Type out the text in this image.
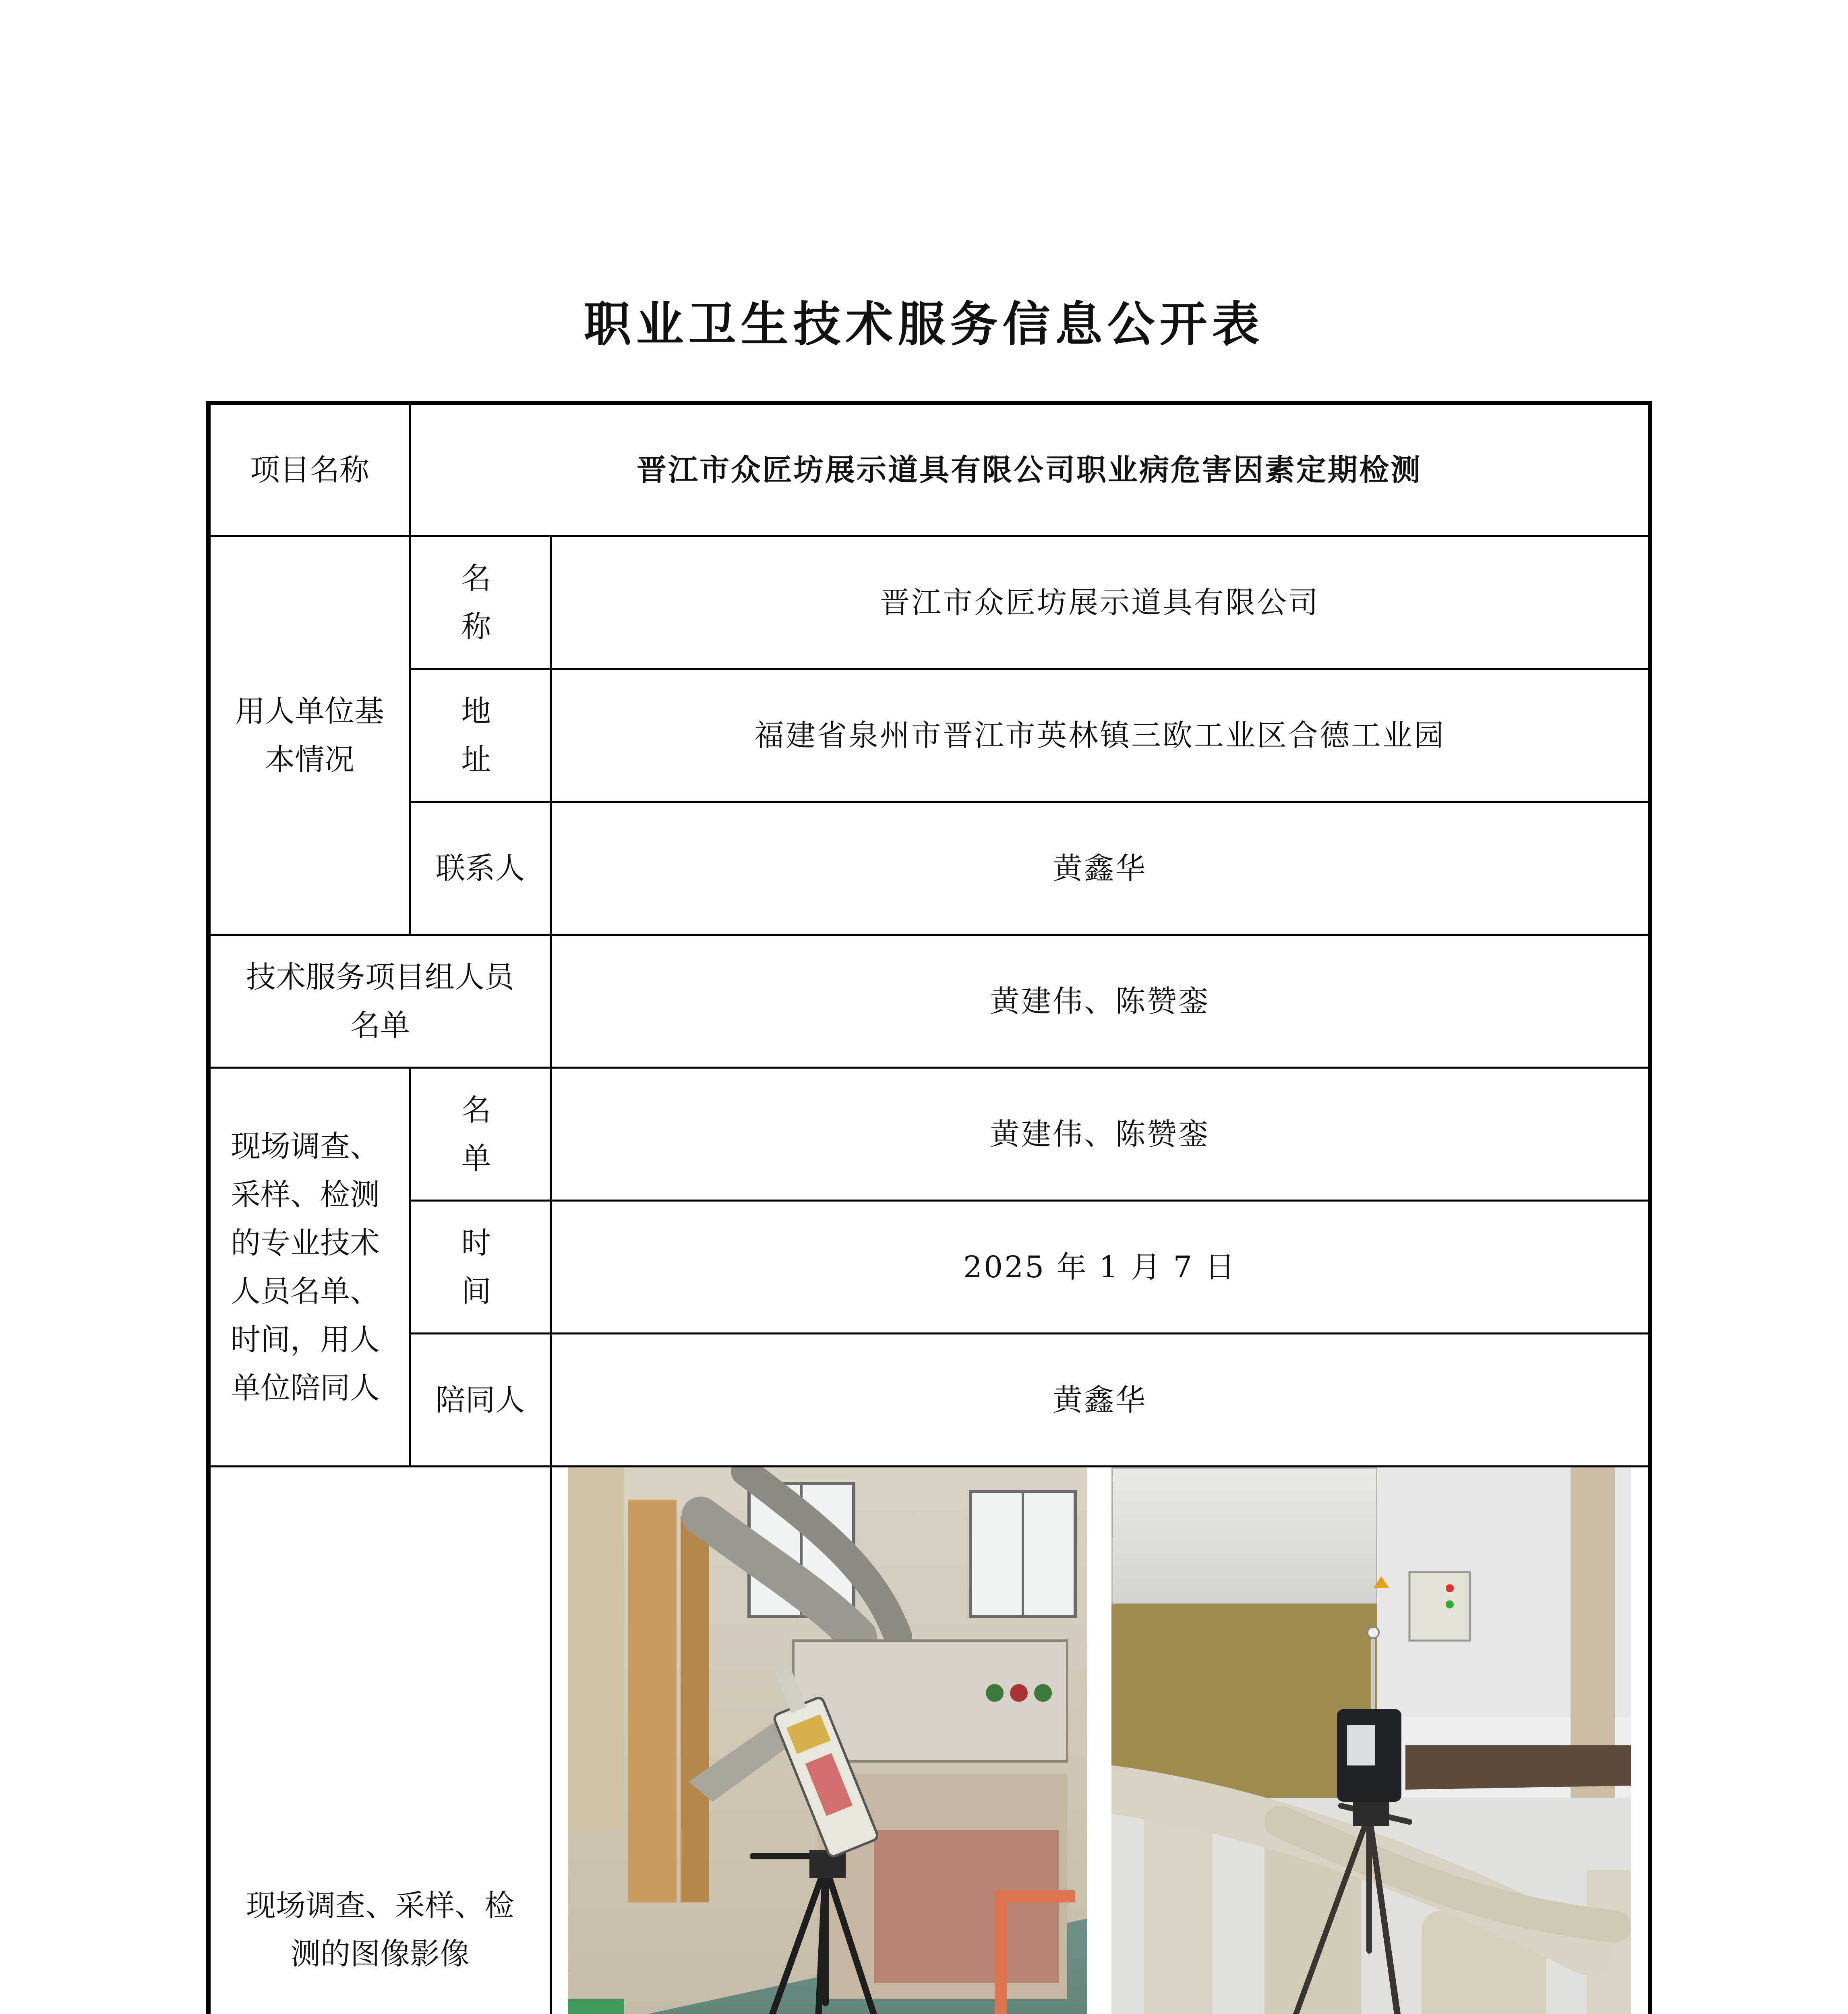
职业卫生技术服务信息公开表
项目名称	晋江市众匠坊展示道具有限公司职业病危害因素定期检测	
用人单位基本情况	名 称	晋江市众匠坊展示道具有限公司
	地 址	福建省泉州市晋江市英林镇三欧工业区合德工业园
	联系人	黄鑫华
技术服务项目组人员名单		黄建伟、陈赞銮
现场调查、采样、检测的专业技术人员名单、时间，用人单位陪同人	名 单	黄建伟、陈赞銮
	时 间	2025 年 1 月 7 日
	陪同人	黄鑫华
现场调查、采样、检测的图像影像	
